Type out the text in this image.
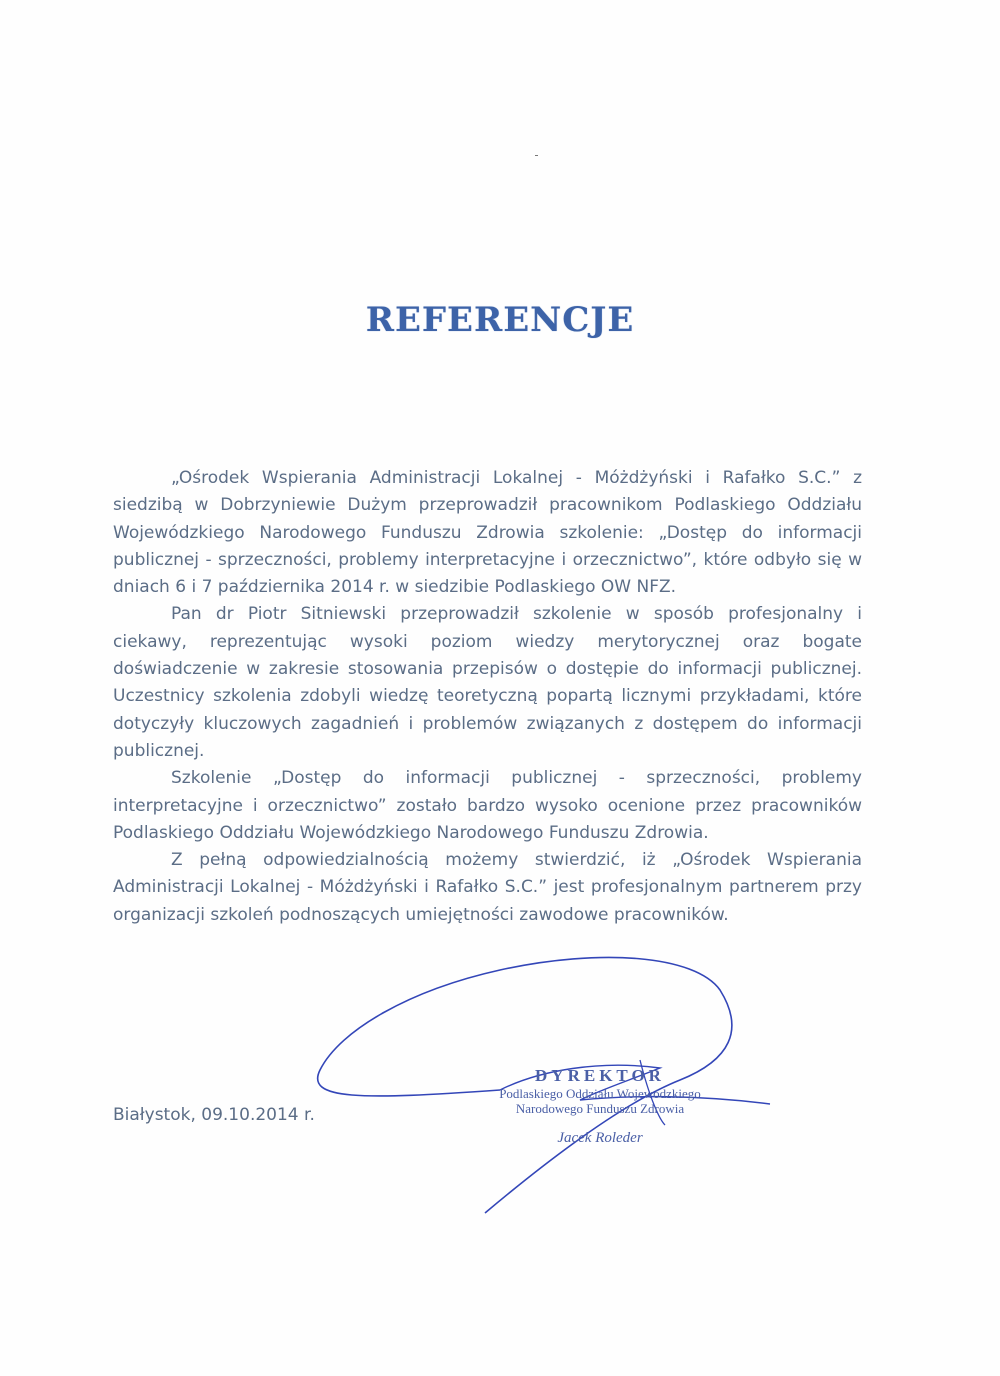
REFERENCJE

„Ośrodek Wspierania Administracji Lokalnej - Móżdżyński i Rafałko S.C.” z siedzibą w Dobrzyniewie Dużym przeprowadził pracownikom Podlaskiego Oddziału Wojewódzkiego Narodowego Funduszu Zdrowia szkolenie: „Dostęp do informacji publicznej - sprzeczności, problemy interpretacyjne i orzecznictwo”, które odbyło się w dniach 6 i 7 października 2014 r. w siedzibie Podlaskiego OW NFZ.

Pan dr Piotr Sitniewski przeprowadził szkolenie w sposób profesjonalny i ciekawy, reprezentując wysoki poziom wiedzy merytorycznej oraz bogate doświadczenie w zakresie stosowania przepisów o dostępie do informacji publicznej. Uczestnicy szkolenia zdobyli wiedzę teoretyczną popartą licznymi przykładami, które dotyczyły kluczowych zagadnień i problemów związanych z dostępem do informacji publicznej.

Szkolenie „Dostęp do informacji publicznej - sprzeczności, problemy interpretacyjne i orzecznictwo” zostało bardzo wysoko ocenione przez pracowników Podlaskiego Oddziału Wojewódzkiego Narodowego Funduszu Zdrowia.

Z pełną odpowiedzialnością możemy stwierdzić, iż „Ośrodek Wspierania Administracji Lokalnej - Móżdżyński i Rafałko S.C.” jest profesjonalnym partnerem przy organizacji szkoleń podnoszących umiejętności zawodowe pracowników.

Białystok, 09.10.2014 r.
DYREKTOR
Podlaskiego Oddziału Wojewódzkiego
Narodowego Funduszu Zdrowia
Jacek Roleder
